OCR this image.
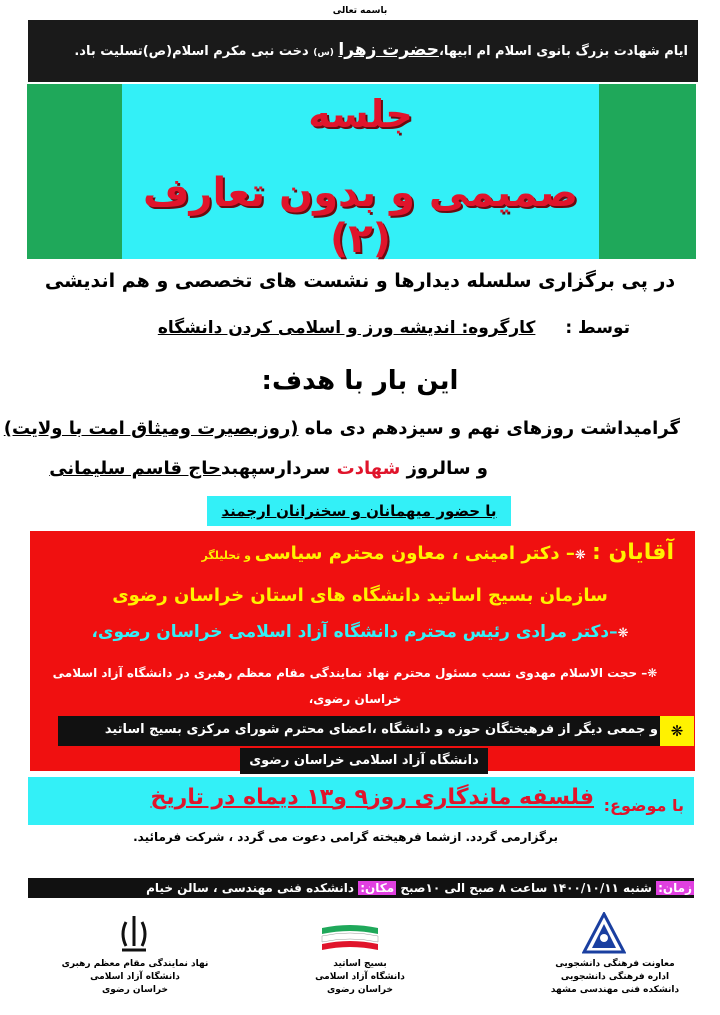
باسمه تعالی
ایام شهادت بزرگ بانوی اسلام ام ابیها،حضرت زهرا (س) دخت نبی مکرم اسلام(ص)تسلیت باد.
جلسه
صمیمی و بدون تعارف (۲)
در پی برگزاری سلسله دیدارها و نشست های تخصصی و هم اندیشی
توسط : کارگروه: اندیشه ورز و اسلامی کردن دانشگاه
این بار با هدف:
گرامیداشت روزهای نهم و سیزدهم دی ماه (روزبصیرت ومیثاق امت با ولایت)
و سالروز شهادت سردارسپهبدحاج قاسم سلیمانی
با حضور میهمانان و سخنرانان ارجمند
آقایان : ❋– دکتر امینی ، معاون محترم سیاسی و تحلیلگر
سازمان بسیج اساتید دانشگاه های استان خراسان رضوی
❋–دکتر مرادی رئیس محترم دانشگاه آزاد اسلامی خراسان رضوی،
❋– حجت الاسلام مهدوی نسب مسئول محترم نهاد نمایندگی مقام معظم رهبری در دانشگاه آزاد اسلامی خراسان رضوی،
❋
و جمعی دیگر از فرهیختگان حوزه و دانشگاه ،اعضای محترم شورای مرکزی بسیج اساتید
دانشگاه آزاد اسلامی خراسان رضوی
با موضوع:
فلسفه ماندگاری روز۹ و۱۳ دیماه در تاریخ
برگزارمی گردد. ازشما فرهیخته گرامی دعوت می گردد ، شرکت فرمائید.
زمان: شنبه ۱۴۰۰/۱۰/۱۱ ساعت ۸ صبح الی ۱۰صبح مکان: دانشکده فنی مهندسی ، سالن خیام
معاونت فرهنگی دانشجویی
اداره فرهنگی دانشجویی
دانشکده فنی مهندسی مشهد
بسیج اساتید
دانشگاه آزاد اسلامی
خراسان رضوی
نهاد نمایندگی مقام معظم رهبری
دانشگاه آزاد اسلامی
خراسان رضوی
